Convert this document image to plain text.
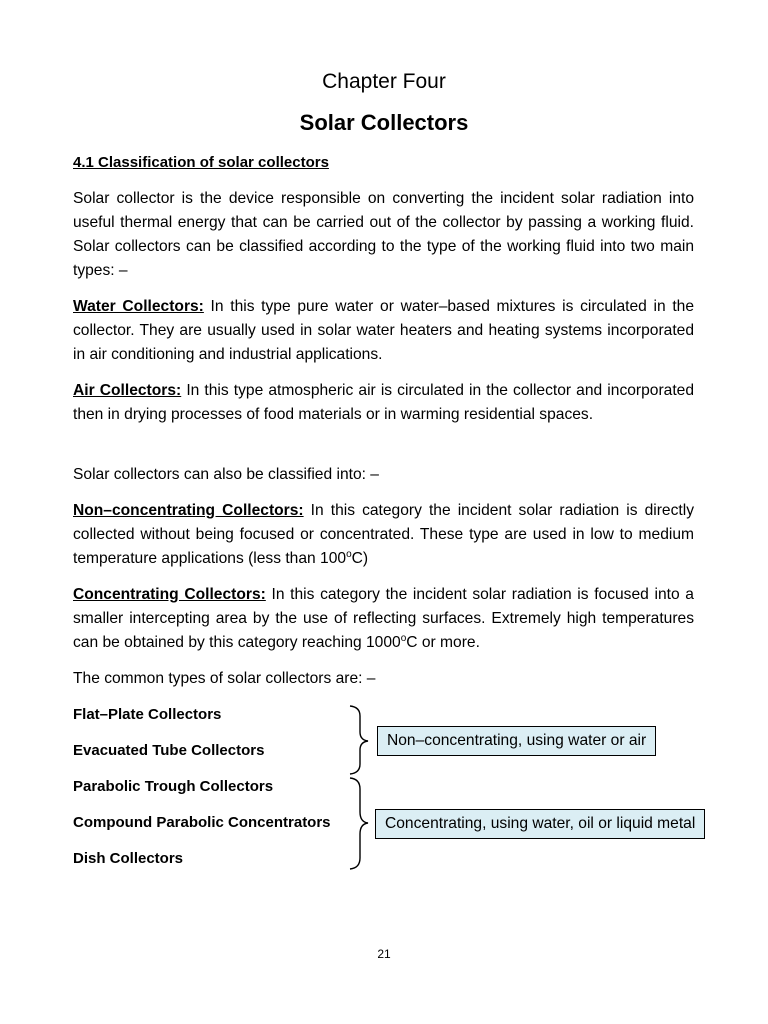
Chapter Four
Solar Collectors
4.1 Classification of solar collectors

Solar collector is the device responsible on converting the incident solar radiation into useful thermal energy that can be carried out of the collector by passing a working fluid. Solar collectors can be classified according to the type of the working fluid into two main types: –

Water Collectors: In this type pure water or water–based mixtures is circulated in the collector. They are usually used in solar water heaters and heating systems incorporated in air conditioning and industrial applications.

Air Collectors: In this type atmospheric air is circulated in the collector and incorporated then in drying processes of food materials or in warming residential spaces.

Solar collectors can also be classified into: –

Non–concentrating Collectors: In this category the incident solar radiation is directly collected without being focused or concentrated. These type are used in low to medium temperature applications (less than 100$^o$C)

Concentrating Collectors: In this category the incident solar radiation is focused into a smaller intercepting area by the use of reflecting surfaces. Extremely high temperatures can be obtained by this category reaching 1000$^o$C or more.

The common types of solar collectors are: –

Flat–Plate Collectors
Evacuated Tube Collectors
Parabolic Trough Collectors
Compound Parabolic Concentrators
Dish Collectors
Non–concentrating, using water or air
Concentrating, using water, oil or liquid metal
21
